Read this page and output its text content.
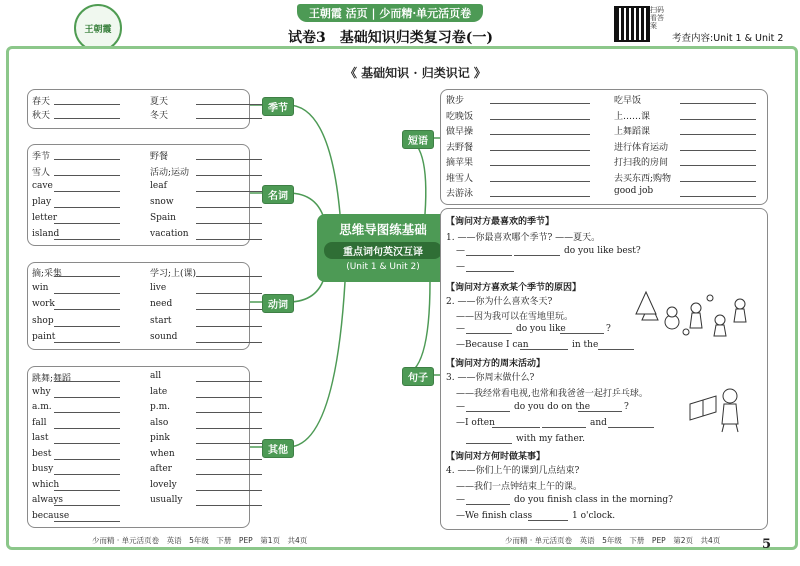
王朝霞
王朝霞 活页 | 少而精·单元活页卷
试卷3　基础知识归类复习卷(一)
扫码看答案
考查内容:Unit 1 & Unit 2
《 基础知识 · 归类识记 》
季节
名词
动词
其他
思维导图练基础
重点词句英汉互译
(Unit 1 & Unit 2)
短语
句子
春天	夏天
秋天	冬天
季节	野餐
雪人	活动;运动
cave	leaf
play	snow
letter	Spain
island	vacation
摘;采集	学习;上(课)
win	live
work	need
shop	start
paint	sound
跳舞;舞蹈	all
why	late
a.m.	p.m.
fall	also
last	pink
best	when
busy	after
which	lovely
always	usually
because
散步	吃早饭
吃晚饭	上……课
做早操	上舞蹈课
去野餐	进行体育运动
摘苹果	打扫我的房间
堆雪人	去买东西;购物
去游泳	good job
【询问对方最喜欢的季节】
1. ——你最喜欢哪个季节? ——夏天。
—	do you like best?
—
【询问对方喜欢某个季节的原因】
2. ——你为什么喜欢冬天?
——因为我可以在雪地里玩。
—	do you like	?
—Because I can	in the
【询问对方的周末活动】
3. ——你周末做什么?
——我经常看电视,也常和我爸爸一起打乒乓球。
—	do you do on the	?
—I often	and
with my father.
【询问对方何时做某事】
4. ——你们上午的课到几点结束?
——我们一点钟结束上午的课。
—	do you finish class in the morning?
—We finish class	1 o'clock.
少而精 · 单元活页卷　英语　5年级　下册　PEP　第1页　共4页	少而精 · 单元活页卷　英语　5年级　下册　PEP　第2页　共4页	5
